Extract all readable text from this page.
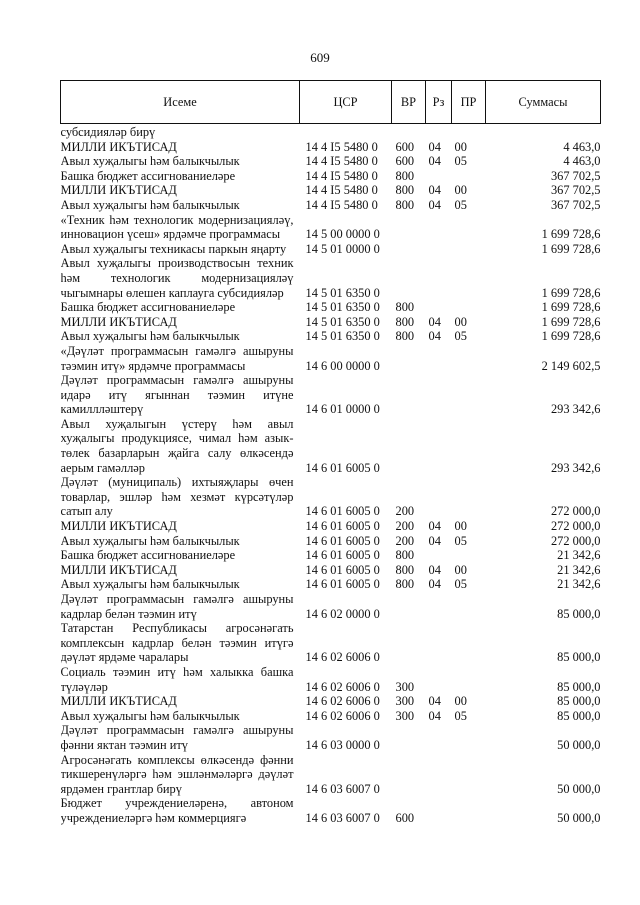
609
Исеме	ЦСР	ВР	Рз	ПР	Суммасы
субсидияләр бирү					
МИЛЛИ ИКЪТИСАД	14 4 I5 5480 0	600	04	00	4 463,0
Авыл хуҗалыгы һәм балыкчылык	14 4 I5 5480 0	600	04	05	4 463,0
Башка бюджет ассигнованиеләре	14 4 I5 5480 0	800			367 702,5
МИЛЛИ ИКЪТИСАД	14 4 I5 5480 0	800	04	00	367 702,5
Авыл хуҗалыгы һәм балыкчылык	14 4 I5 5480 0	800	04	05	367 702,5
«Техник һәм технологик модернизацияләү, инновацион үсеш» ярдәмче программасы	14 5 00 0000 0				1 699 728,6
Авыл хуҗалыгы техникасы паркын яңарту	14 5 01 0000 0				1 699 728,6
Авыл хуҗалыгы производствосын техник һәм технологик модернизацияләү чыгымнары өлешен каплауга субсидияләр	14 5 01 6350 0				1 699 728,6
Башка бюджет ассигнованиеләре	14 5 01 6350 0	800			1 699 728,6
МИЛЛИ ИКЪТИСАД	14 5 01 6350 0	800	04	00	1 699 728,6
Авыл хуҗалыгы һәм балыкчылык	14 5 01 6350 0	800	04	05	1 699 728,6
«Дәүләт программасын гамәлгә ашыруны тәэмин итү» ярдәмче программасы	14 6 00 0000 0				2 149 602,5
Дәүләт программасын гамәлгә ашыруны идарә итү ягыннан тәэмин итүне камиллләштерү	14 6 01 0000 0				293 342,6
Авыл хуҗалыгын үстерү һәм авыл хуҗалыгы продукциясе, чимал һәм азык-төлек базарларын җайга салу өлкәсендә аерым гамәлләр	14 6 01 6005 0				293 342,6
Дәүләт (муниципаль) ихтыяҗлары өчен товарлар, эшләр һәм хезмәт күрсәтүләр сатып алу	14 6 01 6005 0	200			272 000,0
МИЛЛИ ИКЪТИСАД	14 6 01 6005 0	200	04	00	272 000,0
Авыл хуҗалыгы һәм балыкчылык	14 6 01 6005 0	200	04	05	272 000,0
Башка бюджет ассигнованиеләре	14 6 01 6005 0	800			21 342,6
МИЛЛИ ИКЪТИСАД	14 6 01 6005 0	800	04	00	21 342,6
Авыл хуҗалыгы һәм балыкчылык	14 6 01 6005 0	800	04	05	21 342,6
Дәүләт программасын гамәлгә ашыруны кадрлар белән тәэмин итү	14 6 02 0000 0				85 000,0
Татарстан Республикасы агросәнәгать комплексын кадрлар белән тәэмин итүгә дәүләт ярдәме чаралары	14 6 02 6006 0				85 000,0
Социаль тәэмин итү һәм халыкка башка түләүләр	14 6 02 6006 0	300			85 000,0
МИЛЛИ ИКЪТИСАД	14 6 02 6006 0	300	04	00	85 000,0
Авыл хуҗалыгы һәм балыкчылык	14 6 02 6006 0	300	04	05	85 000,0
Дәүләт программасын гамәлгә ашыруны фәнни яктан тәэмин итү	14 6 03 0000 0				50 000,0
Агросәнәгать комплексы өлкәсендә фәнни тикшеренүләргә һәм эшләнмәләргә дәүләт ярдәмен грантлар бирү	14 6 03 6007 0				50 000,0
Бюджет учреждениеләренә, автоном учреждениеләргә һәм коммерциягә	14 6 03 6007 0	600			50 000,0
